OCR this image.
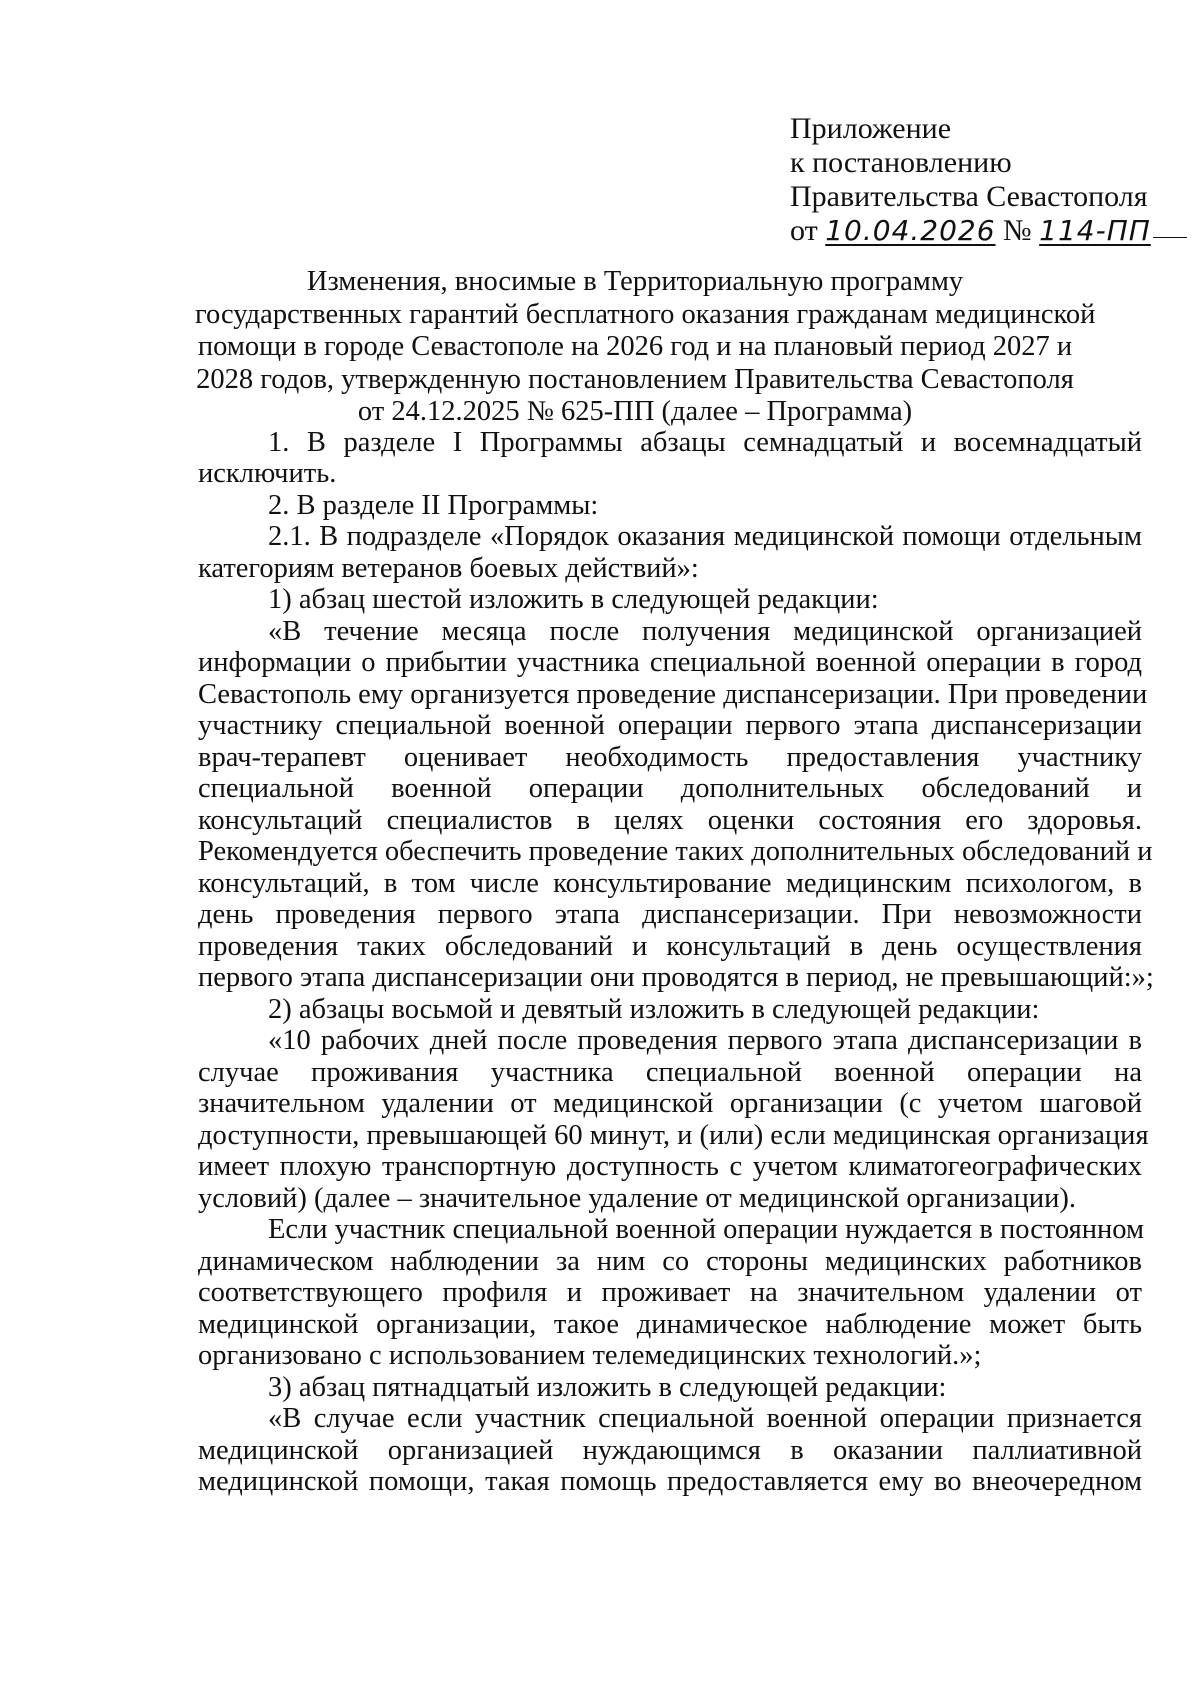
Приложение
к постановлению
Правительства Севастополя
от 10.04.2026 № 114-ПП
Изменения, вносимые в Территориальную программу
государственных гарантий бесплатного оказания гражданам медицинской
помощи в городе Севастополе на 2026 год и на плановый период 2027 и
2028 годов, утвержденную постановлением Правительства Севастополя
от 24.12.2025 № 625-ПП (далее – Программа)
1. В разделе I Программы абзацы семнадцатый и восемнадцатый
исключить.
2. В разделе II Программы:
2.1. В подразделе «Порядок оказания медицинской помощи отдельным
категориям ветеранов боевых действий»:
1) абзац шестой изложить в следующей редакции:
«В течение месяца после получения медицинской организацией
информации о прибытии участника специальной военной операции в город
Севастополь ему организуется проведение диспансеризации. При проведении
участнику специальной военной операции первого этапа диспансеризации
врач-терапевт оценивает необходимость предоставления участнику
специальной военной операции дополнительных обследований и
консультаций специалистов в целях оценки состояния его здоровья.
Рекомендуется обеспечить проведение таких дополнительных обследований и
консультаций, в том числе консультирование медицинским психологом, в
день проведения первого этапа диспансеризации. При невозможности
проведения таких обследований и консультаций в день осуществления
первого этапа диспансеризации они проводятся в период, не превышающий:»;
2) абзацы восьмой и девятый изложить в следующей редакции:
«10 рабочих дней после проведения первого этапа диспансеризации в
случае проживания участника специальной военной операции на
значительном удалении от медицинской организации (с учетом шаговой
доступности, превышающей 60 минут, и (или) если медицинская организация
имеет плохую транспортную доступность с учетом климатогеографических
условий) (далее – значительное удаление от медицинской организации).
Если участник специальной военной операции нуждается в постоянном
динамическом наблюдении за ним со стороны медицинских работников
соответствующего профиля и проживает на значительном удалении от
медицинской организации, такое динамическое наблюдение может быть
организовано с использованием телемедицинских технологий.»;
3) абзац пятнадцатый изложить в следующей редакции:
«В случае если участник специальной военной операции признается
медицинской организацией нуждающимся в оказании паллиативной
медицинской помощи, такая помощь предоставляется ему во внеочередном
